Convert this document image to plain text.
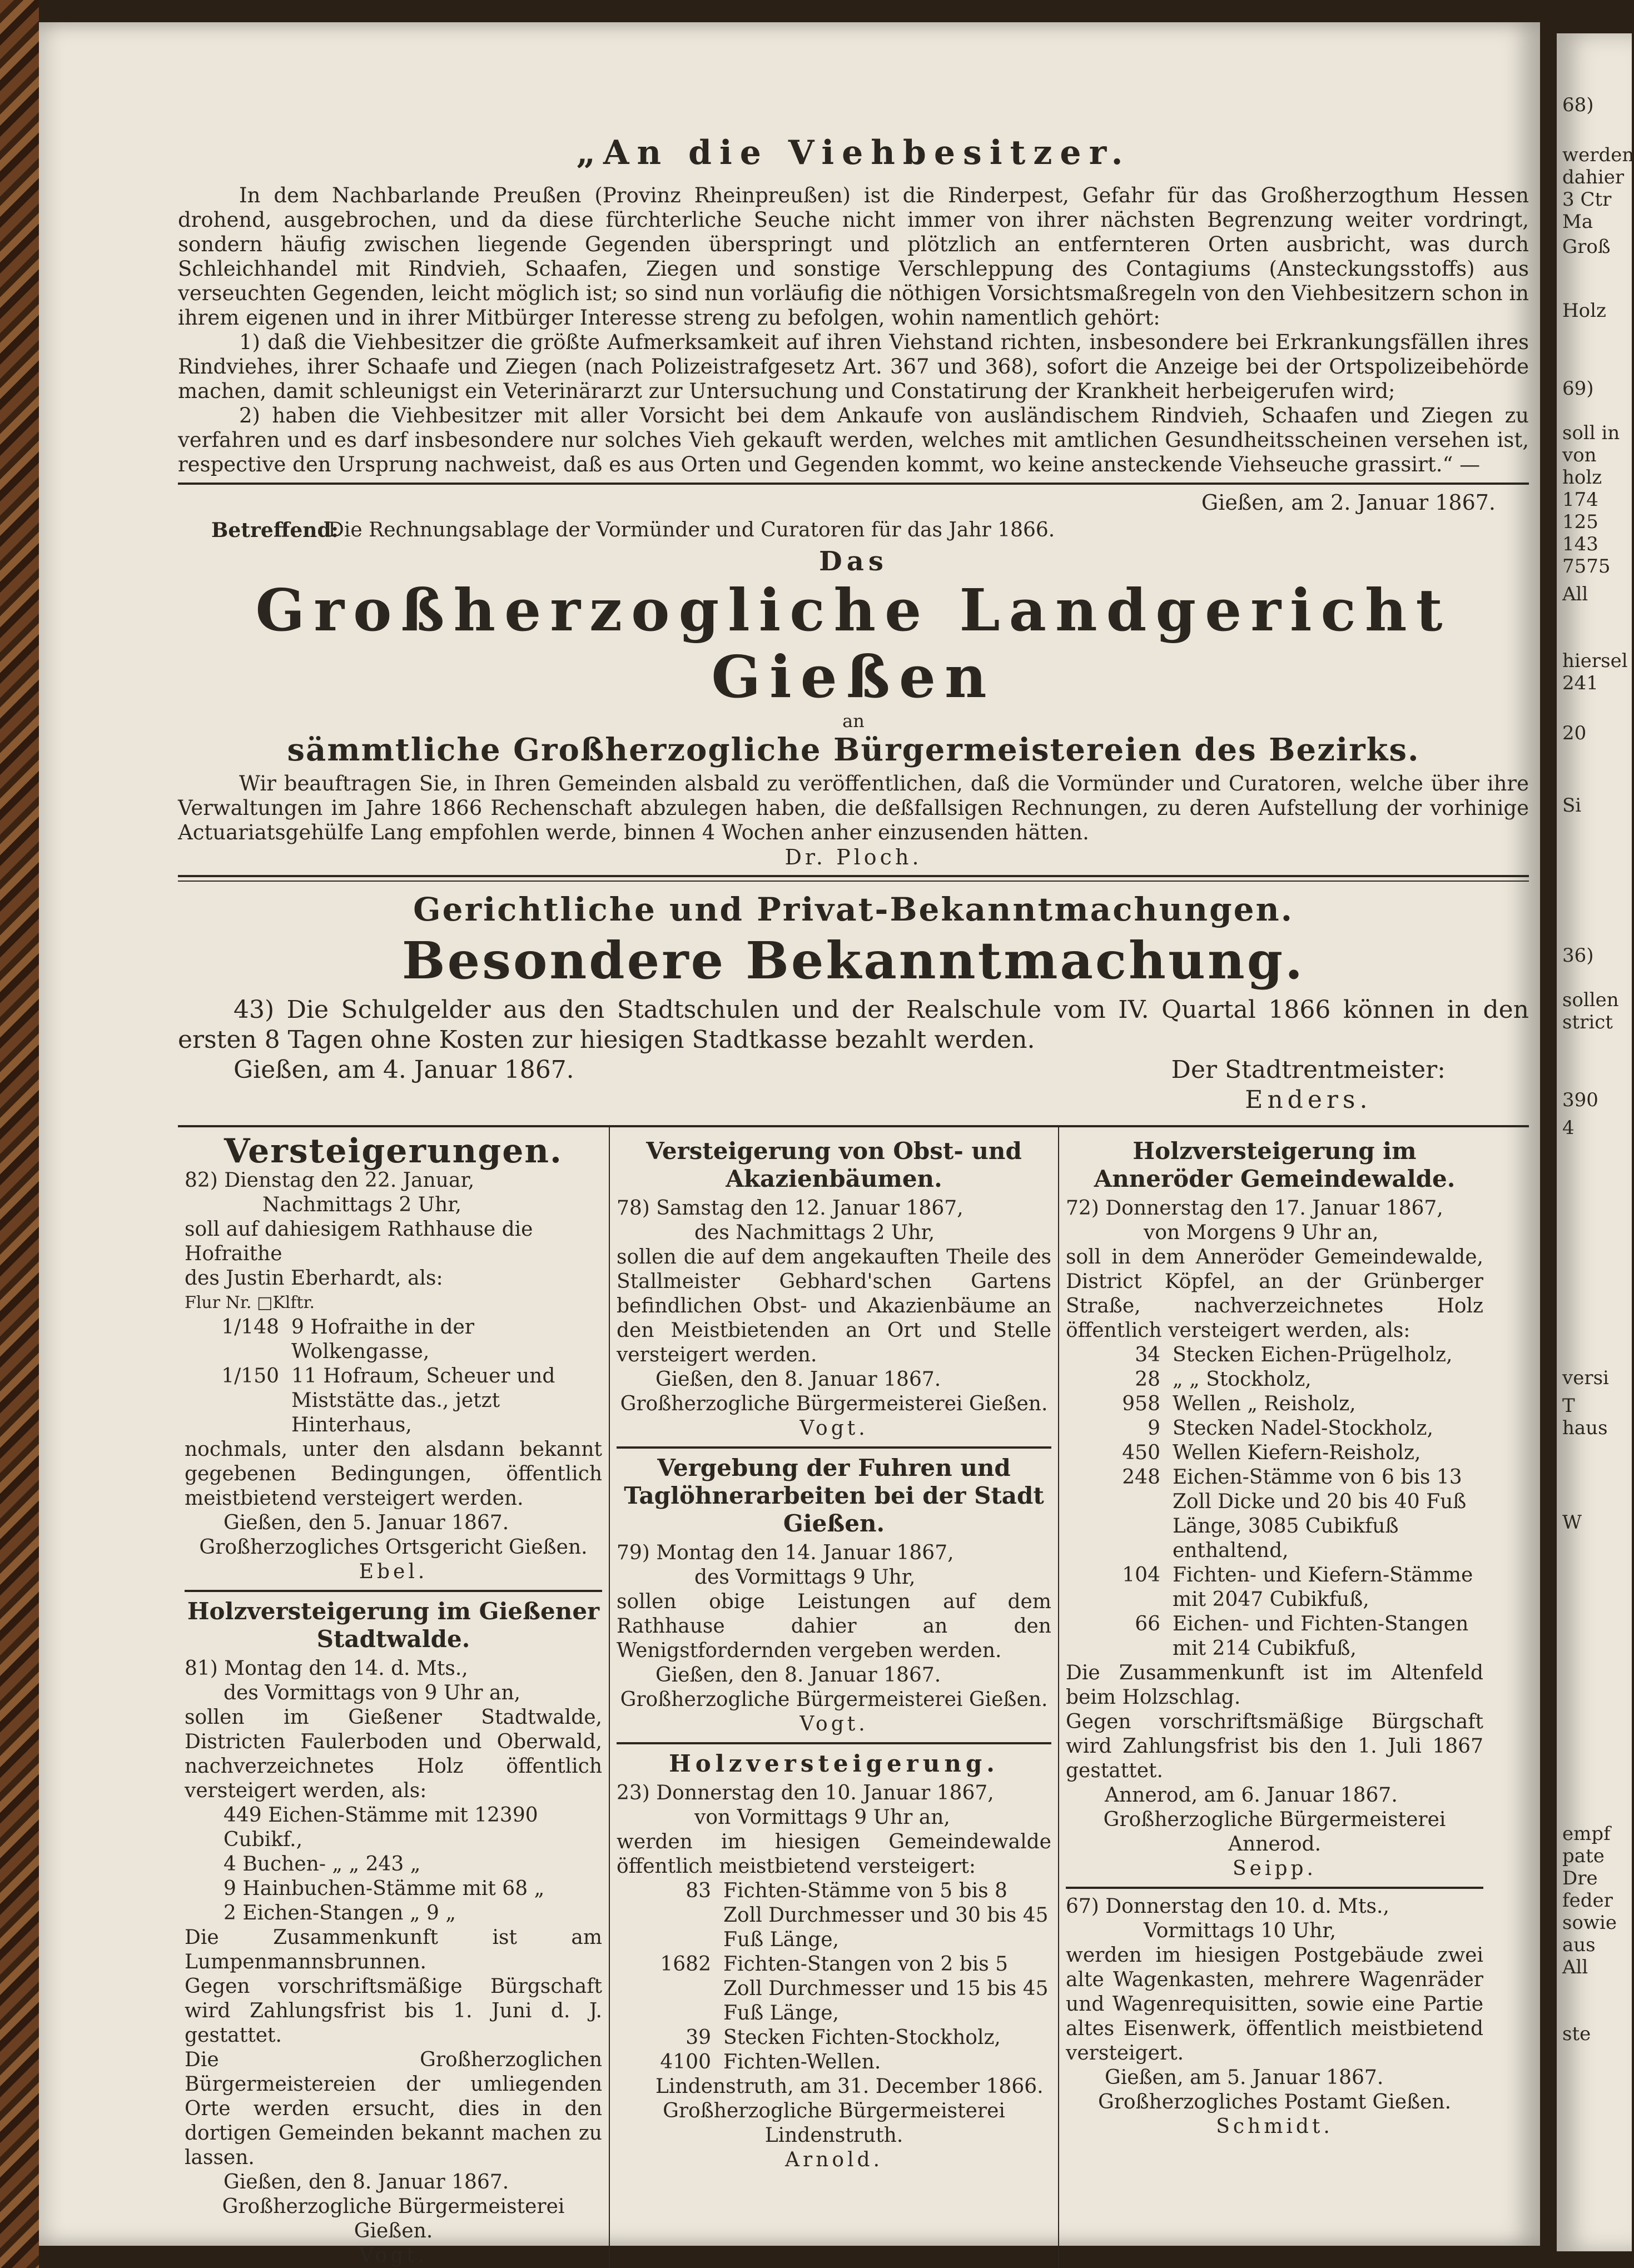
„An die Viehbesitzer.

In dem Nachbarlande Preußen (Provinz Rheinpreußen) ist die Rinderpest, Gefahr für das Großherzogthum Hessen drohend, ausgebrochen, und da diese fürchterliche Seuche nicht immer von ihrer nächsten Begrenzung weiter vordringt, sondern häufig zwischen liegende Gegenden überspringt und plötzlich an entfernteren Orten ausbricht, was durch Schleichhandel mit Rindvieh, Schaafen, Ziegen und sonstige Verschleppung des Contagiums (Ansteckungsstoffs) aus verseuchten Gegenden, leicht möglich ist; so sind nun vorläufig die nöthigen Vorsichtsmaßregeln von den Viehbesitzern schon in ihrem eigenen und in ihrer Mitbürger Interesse streng zu befolgen, wohin namentlich gehört:

1) daß die Viehbesitzer die größte Aufmerksamkeit auf ihren Viehstand richten, insbesondere bei Erkrankungsfällen ihres Rindviehes, ihrer Schaafe und Ziegen (nach Polizeistrafgesetz Art. 367 und 368), sofort die Anzeige bei der Ortspolizeibehörde machen, damit schleunigst ein Veterinärarzt zur Untersuchung und Constatirung der Krankheit herbeigerufen wird;

2) haben die Viehbesitzer mit aller Vorsicht bei dem Ankaufe von ausländischem Rindvieh, Schaafen und Ziegen zu verfahren und es darf insbesondere nur solches Vieh gekauft werden, welches mit amtlichen Gesundheitsscheinen versehen ist, respective den Ursprung nachweist, daß es aus Orten und Gegenden kommt, wo keine ansteckende Viehseuche grassirt.“ —

Gießen, am 2. Januar 1867.
Betreffend:
Die Rechnungsablage der Vormünder und Curatoren für das Jahr 1866.
Das
Großherzogliche Landgericht Gießen
an
sämmtliche Großherzogliche Bürgermeistereien des Bezirks.

Wir beauftragen Sie, in Ihren Gemeinden alsbald zu veröffentlichen, daß die Vormünder und Curatoren, welche über ihre Verwaltungen im Jahre 1866 Rechenschaft abzulegen haben, die deßfallsigen Rechnungen, zu deren Aufstellung der vorhinige Actuariatsgehülfe Lang empfohlen werde, binnen 4 Wochen anher einzusenden hätten.

Dr. Ploch.
Gerichtliche und Privat-Bekanntmachungen.
Besondere Bekanntmachung.

43) Die Schulgelder aus den Stadtschulen und der Realschule vom IV. Quartal 1866 können in den ersten 8 Tagen ohne Kosten zur hiesigen Stadtkasse bezahlt werden.

Gießen, am 4. Januar 1867.	Der Stadtrentmeister:
Enders.
Versteigerungen.
82) Dienstag den 22. Januar,
Nachmittags 2 Uhr,
soll auf dahiesigem Rathhause die Hofraithe
des Justin Eberhardt, als:
Flur Nr. □Klftr.
1/148 9 Hofraithe in der Wolkengasse,
1/150 11 Hofraum, Scheuer und Miststätte das., jetzt Hinterhaus,
nochmals, unter den alsdann bekannt gegebenen Bedingungen, öffentlich meistbietend versteigert werden.
Gießen, den 5. Januar 1867.
Großherzogliches Ortsgericht Gießen.
Ebel.
Holzversteigerung im Gießener Stadtwalde.
81) Montag den 14. d. Mts.,
des Vormittags von 9 Uhr an,
sollen im Gießener Stadtwalde, Districten Faulerboden und Oberwald, nachverzeichnetes Holz öffentlich versteigert werden, als:
449 Eichen-Stämme mit 12390 Cubikf.,
4 Buchen- „ „ 243 „
9 Hainbuchen-Stämme mit 68 „
2 Eichen-Stangen „ 9 „
Die Zusammenkunft ist am Lumpenmannsbrunnen.
Gegen vorschriftsmäßige Bürgschaft wird Zahlungsfrist bis 1. Juni d. J. gestattet.
Die Großherzoglichen Bürgermeistereien der umliegenden Orte werden ersucht, dies in den dortigen Gemeinden bekannt machen zu lassen.
Gießen, den 8. Januar 1867.
Großherzogliche Bürgermeisterei Gießen.
Vogt.
Versteigerung von Obst- und Akazienbäumen.
78) Samstag den 12. Januar 1867,
des Nachmittags 2 Uhr,
sollen die auf dem angekauften Theile des Stallmeister Gebhard'schen Gartens befindlichen Obst- und Akazienbäume an den Meistbietenden an Ort und Stelle versteigert werden.
Gießen, den 8. Januar 1867.
Großherzogliche Bürgermeisterei Gießen.
Vogt.
Vergebung der Fuhren und Taglöhnerarbeiten bei der Stadt Gießen.
79) Montag den 14. Januar 1867,
des Vormittags 9 Uhr,
sollen obige Leistungen auf dem Rathhause dahier an den Wenigstfordernden vergeben werden.
Gießen, den 8. Januar 1867.
Großherzogliche Bürgermeisterei Gießen.
Vogt.
Holzversteigerung.
23) Donnerstag den 10. Januar 1867,
von Vormittags 9 Uhr an,
werden im hiesigen Gemeindewalde öffentlich meistbietend versteigert:
83 Fichten-Stämme von 5 bis 8 Zoll Durchmesser und 30 bis 45 Fuß Länge,
1682 Fichten-Stangen von 2 bis 5 Zoll Durchmesser und 15 bis 45 Fuß Länge,
39 Stecken Fichten-Stockholz,
4100 Fichten-Wellen.
Lindenstruth, am 31. December 1866.
Großherzogliche Bürgermeisterei Lindenstruth.
Arnold.
Holzversteigerung im Anneröder Gemeindewalde.
72) Donnerstag den 17. Januar 1867,
von Morgens 9 Uhr an,
soll in dem Anneröder Gemeindewalde, District Köpfel, an der Grünberger Straße, nachverzeichnetes Holz öffentlich versteigert werden, als:
34 Stecken Eichen-Prügelholz,
28 „ „ Stockholz,
958 Wellen „ Reisholz,
9 Stecken Nadel-Stockholz,
450 Wellen Kiefern-Reisholz,
248 Eichen-Stämme von 6 bis 13 Zoll Dicke und 20 bis 40 Fuß Länge, 3085 Cubikfuß enthaltend,
104 Fichten- und Kiefern-Stämme mit 2047 Cubikfuß,
66 Eichen- und Fichten-Stangen mit 214 Cubikfuß,
Die Zusammenkunft ist im Altenfeld beim Holzschlag.
Gegen vorschriftsmäßige Bürgschaft wird Zahlungsfrist bis den 1. Juli 1867 gestattet.
Annerod, am 6. Januar 1867.
Großherzogliche Bürgermeisterei Annerod.
Seipp.
67) Donnerstag den 10. d. Mts.,
Vormittags 10 Uhr,
werden im hiesigen Postgebäude zwei alte Wagenkasten, mehrere Wagenräder und Wagenrequisitten, sowie eine Partie altes Eisenwerk, öffentlich meistbietend versteigert.
Gießen, am 5. Januar 1867.
Großherzogliches Postamt Gießen.
Schmidt.
68)
werden
dahier
3 Ctr
Ma
Groß
Holz
69)
soll in
von
holz
174
125
143
7575
All
hiersel
241
20
Si
36)
sollen
strict
390
4
versi
T
haus
W
empf
pate
Dre
feder
sowie
aus
All
ste
